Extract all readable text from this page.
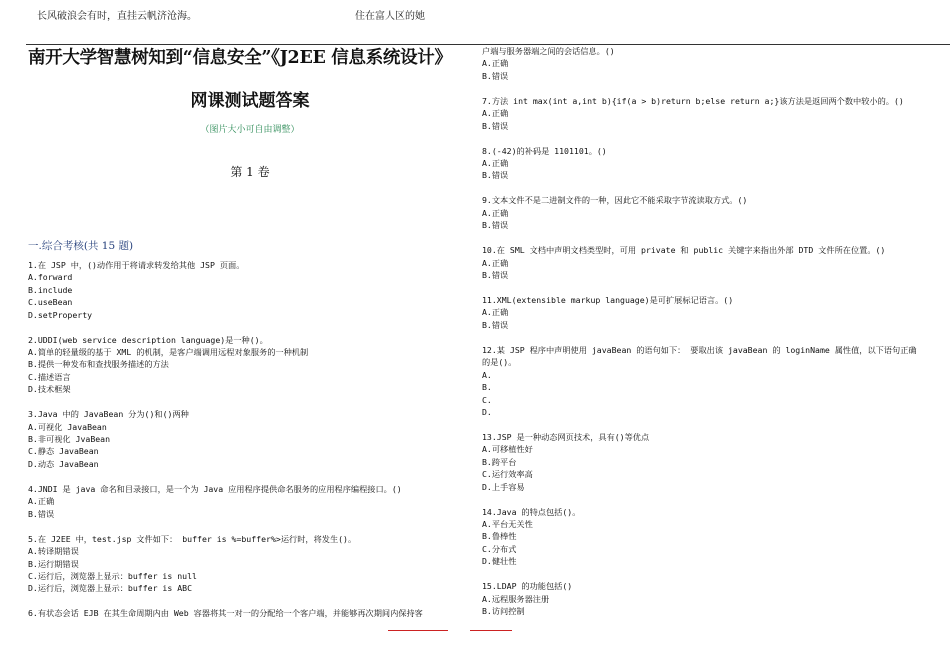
长风破浪会有时，直挂云帆济沧海。	住在富人区的她
南开大学智慧树知到“信息安全”《J2EE 信息系统设计》
网课测试题答案
（图片大小可自由调整）
第 1 卷
一.综合考核(共 15 题)
1.在 JSP 中，()动作用于将请求转发给其他 JSP 页面。
A.forward
B.include
C.useBean
D.setProperty
2.UDDI(web service description language)是一种()。
A.简单的轻量级的基于 XML 的机制，是客户端调用远程对象服务的一种机制
B.提供一种发布和查找服务描述的方法
C.描述语言
D.技术框架
3.Java 中的 JavaBean 分为()和()两种
A.可视化 JavaBean
B.非可视化 JvaBean
C.静态 JavaBean
D.动态 JavaBean
4.JNDI 是 java 命名和目录接口，是一个为 Java 应用程序提供命名服务的应用程序编程接口。()
A.正确
B.错误
5.在 J2EE 中，test.jsp 文件如下： buffer is %=buffer%>运行时，将发生()。
A.转译期错误
B.运行期错误
C.运行后，浏览器上显示：buffer is null
D.运行后，浏览器上显示：buffer is ABC
6.有状态会话 EJB 在其生命周期内由 Web 容器将其一对一的分配给一个客户端，并能够再次期间内保持客
户端与服务器端之间的会话信息。()
A.正确
B.错误
7.方法 int max(int a,int b){if(a > b)return b;else return a;}该方法是返回两个数中较小的。()
A.正确
B.错误
8.(-42)的补码是 1101101。()
A.正确
B.错误
9.文本文件不是二进制文件的一种，因此它不能采取字节流读取方式。()
A.正确
B.错误
10.在 SML 文档中声明文档类型时，可用 private 和 public 关键字来指出外部 DTD 文件所在位置。()
A.正确
B.错误
11.XML(extensible markup language)是可扩展标记语言。()
A.正确
B.错误
12.某 JSP 程序中声明使用 javaBean 的语句如下： 要取出该 javaBean 的 loginName 属性值，以下语句正确的是()。
A.
B.
C.
D.
13.JSP 是一种动态网页技术，具有()等优点
A.可移植性好
B.跨平台
C.运行效率高
D.上手容易
14.Java 的特点包括()。
A.平台无关性
B.鲁棒性
C.分布式
D.健壮性
15.LDAP 的功能包括()
A.远程服务器注册
B.访问控制
